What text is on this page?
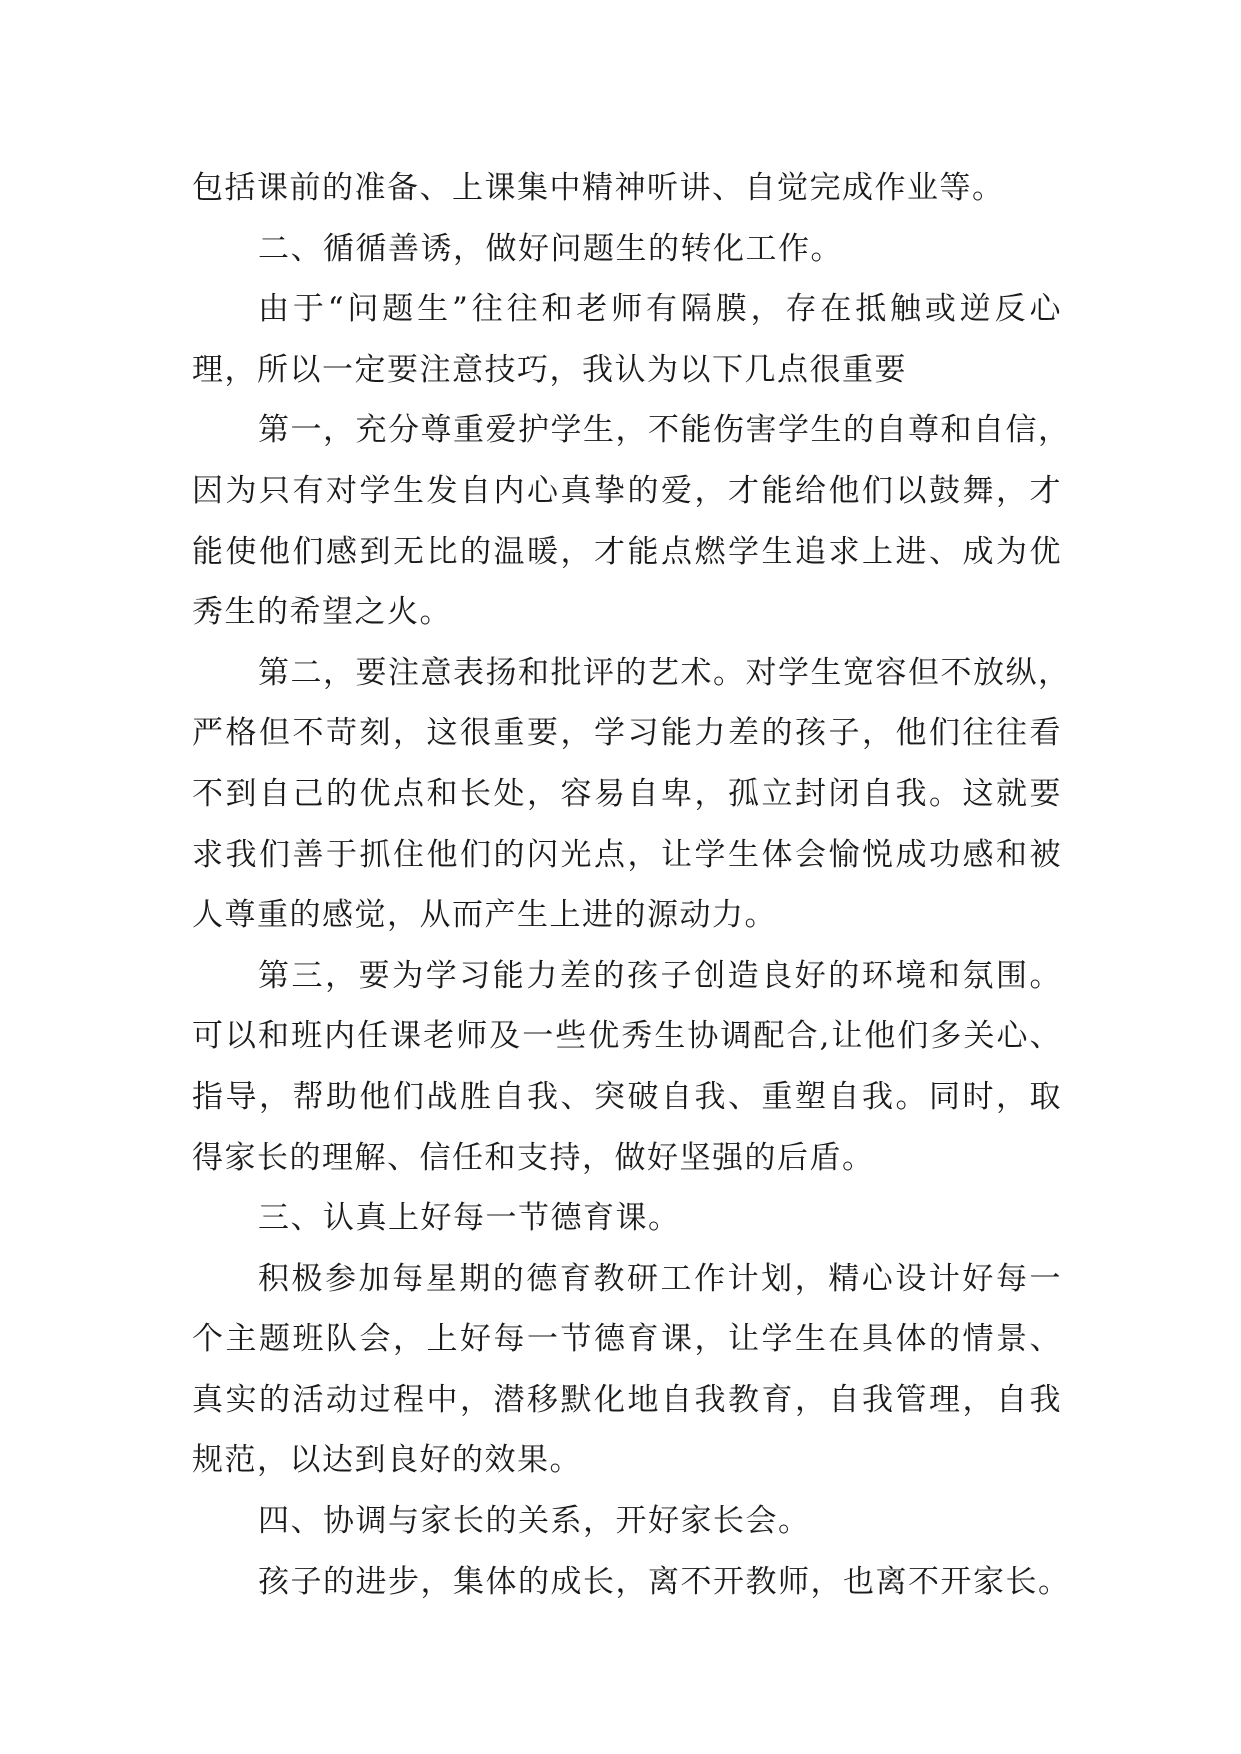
包括课前的准备、上课集中精神听讲、自觉完成作业等。
二、循循善诱，做好问题生的转化工作。
由于“问题生”往往和老师有隔膜，存在抵触或逆反心
理，所以一定要注意技巧，我认为以下几点很重要
第一，充分尊重爱护学生，不能伤害学生的自尊和自信，
因为只有对学生发自内心真挚的爱，才能给他们以鼓舞，才
能使他们感到无比的温暖，才能点燃学生追求上进、成为优
秀生的希望之火。
第二，要注意表扬和批评的艺术。对学生宽容但不放纵，
严格但不苛刻，这很重要，学习能力差的孩子，他们往往看
不到自己的优点和长处，容易自卑，孤立封闭自我。这就要
求我们善于抓住他们的闪光点，让学生体会愉悦成功感和被
人尊重的感觉，从而产生上进的源动力。
第三，要为学习能力差的孩子创造良好的环境和氛围。
可以和班内任课老师及一些优秀生协调配合,让他们多关心、
指导，帮助他们战胜自我、突破自我、重塑自我。同时，取
得家长的理解、信任和支持，做好坚强的后盾。
三、认真上好每一节德育课。
积极参加每星期的德育教研工作计划，精心设计好每一
个主题班队会，上好每一节德育课，让学生在具体的情景、
真实的活动过程中，潜移默化地自我教育，自我管理，自我
规范，以达到良好的效果。
四、协调与家长的关系，开好家长会。
孩子的进步，集体的成长，离不开教师，也离不开家长。
